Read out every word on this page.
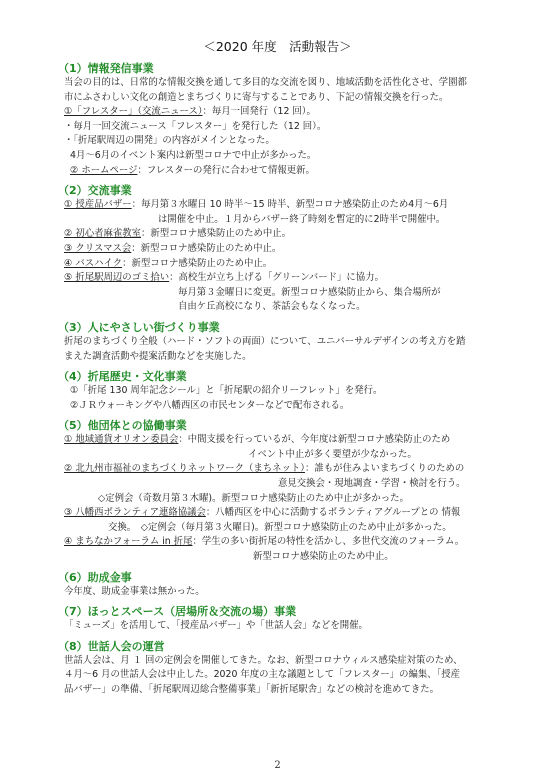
＜2020 年度　活動報告＞
（1）情報発信事業
当会の目的は、日常的な情報交換を通して多目的な交流を図り、地域活動を活性化させ、学園都
市にふさわしい文化の創造とまちづくりに寄与することであり、下記の情報交換を行った。
①「フレスター」（交流ニュース）：毎月一回発行（12 回）。
・毎月一回交流ニュース「フレスター」を発行した（12 回）。
・「折尾駅周辺の開発」の内容がメインとなった。
4月～6月のイベント案内は新型コロナで中止が多かった。
② ホームページ：フレスターの発行に合わせて情報更新。
（2）交流事業
① 授産品バザー：毎月第３水曜日 10 時半～15 時半、新型コロナ感染防止のため4月～6月
は開催を中止。１月からバザー終了時刻を暫定的に2時半で開催中。
② 初心者麻雀教室：新型コロナ感染防止のため中止。
③ クリスマス会：新型コロナ感染防止のため中止。
④ バスハイク：新型コロナ感染防止のため中止。
⑤ 折尾駅周辺のゴミ拾い：高校生が立ち上げる「グリーンバード」に協力。
毎月第３金曜日に変更。新型コロナ感染防止から、集合場所が
自由ケ丘高校になり、茶話会もなくなった。
（3）人にやさしい街づくり事業
折尾のまちづくり全般（ハード・ソフトの両面）について、ユニバーサルデザインの考え方を踏
まえた調査活動や提案活動などを実施した。
（4）折尾歴史・文化事業
①「折尾 130 周年記念シール」と「折尾駅の紹介リーフレット」を発行。
②ＪＲウォーキングや八幡西区の市民センターなどで配布される。
（5）他団体との協働事業
① 地域通貨オリオン委員会：中間支援を行っているが、今年度は新型コロナ感染防止のため
イベント中止が多く要望が少なかった。
② 北九州市福祉のまちづくりネットワーク（まちネット）：誰もが住みよいまちづくりのための
意見交換会・現地調査・学習・検討を行う。
◇定例会（奇数月第３木曜)。新型コロナ感染防止のため中止が多かった。
③ 八幡西ボランティア連絡協議会：八幡西区を中心に活動するボランティアグループとの 情報
交換。　◇定例会（毎月第３火曜日)。新型コロナ感染防止のため中止が多かった。
④ まちなかフォーラム in 折尾：学生の多い街折尾の特性を活かし、多世代交流のフォーラム。
新型コロナ感染防止のため中止。
（6）助成金事
今年度、助成金事業は無かった。
（7）ほっとスペース（居場所＆交流の場）事業
「ミューズ」を活用して、「授産品バザー」や「世話人会」などを開催。
（8）世話人会の運営
世話人会は、月 １ 回の定例会を開催してきた。なお、新型コロナウィルス感染症対策のため、
４月～6 月の世話人会は中止した。2020 年度の主な議題として「フレスター」の編集、「授産
品バザー」の準備、「折尾駅周辺総合整備事業」「新折尾駅舎」などの検討を進めてきた。
2
